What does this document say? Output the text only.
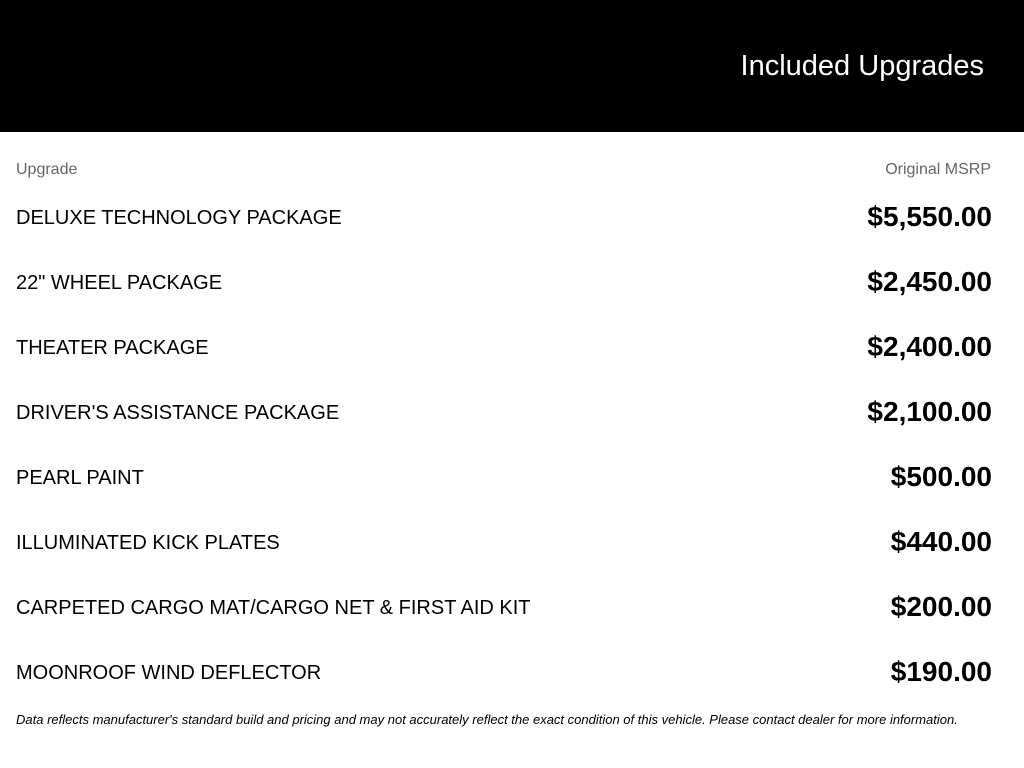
Included Upgrades
Upgrade	Original MSRP
DELUXE TECHNOLOGY PACKAGE	$5,550.00
22" WHEEL PACKAGE	$2,450.00
THEATER PACKAGE	$2,400.00
DRIVER'S ASSISTANCE PACKAGE	$2,100.00
PEARL PAINT	$500.00
ILLUMINATED KICK PLATES	$440.00
CARPETED CARGO MAT/CARGO NET & FIRST AID KIT	$200.00
MOONROOF WIND DEFLECTOR	$190.00
Data reflects manufacturer's standard build and pricing and may not accurately reflect the exact condition of this vehicle. Please contact dealer for more information.
